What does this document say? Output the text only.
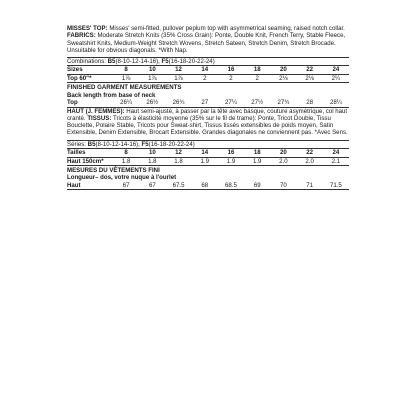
MISSES' TOP: Misses' semi-fitted, pullover peplum top with asymmetrical seaming, raised notch collar. FABRICS: Moderate Stretch Knits (35% Cross Grain): Ponte, Double Knit, French Terry, Stable Fleece, Sweatshirt Knits, Medium-Weight Stretch Wovens, Stretch Sateen, Stretch Denim, Stretch Brocade. Unsuitable for obvious diagonals. *With Nap.

Combinations: B5(8-10-12-14-16), F5(16-18-20-22-24)
Sizes	8	10	12	14	16	18	20	22	24
Top 60"*	1⅞	1⅞	1⅞	2	2	2	2⅛	2⅛	2¼
FINISHED GARMENT MEASUREMENTS
Back length from base of neck
Top	26¼	26½	26¾	27	27¼	27½	27¾	28	28¼

HAUT (J. FEMMES): Haut semi-ajusté, à passer par la tête avec basque, couture asymétrique, col haut cranté. TISSUS: Tricots à élasticité moyenne (35% sur le fil de trame): Ponte, Tricot Double, Tissu Bouclette, Polaire Stable, Tricots pour Sweat-shirt, Tissus tissés extensibles de poids moyen, Satin Extensible, Denim Extensible, Brocart Extensible. Grandes diagonales ne conviennent pas. *Avec Sens.

Séries: B5(8-10-12-14-16), F5(16-18-20-22-24)
Tailles	8	10	12	14	16	18	20	22	24
Haut 150cm*	1.8	1.8	1.8	1.9	1.9	1.9	2.0	2.0	2.1
MESURES DU VÊTEMENTS FINI
Longueur– dos, votre nuque à l'ourlet
Haut	67	67	67.5	68	68.5	69	70	71	71.5
